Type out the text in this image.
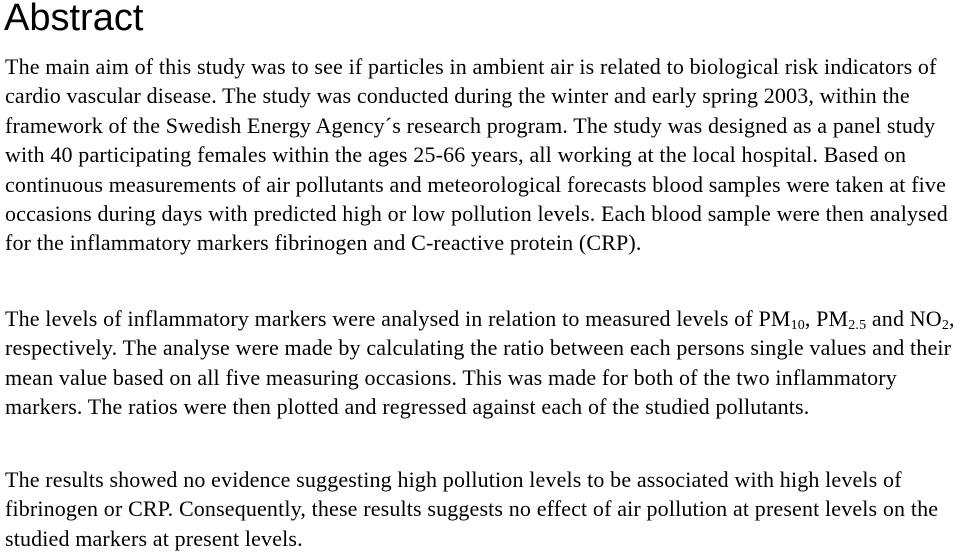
Abstract

The main aim of this study was to see if particles in ambient air is related to biological risk indicators of cardio vascular disease. The study was conducted during the winter and early spring 2003, within the framework of the Swedish Energy Agency´s research program. The study was designed as a panel study with 40 participating females within the ages 25-66 years, all working at the local hospital. Based on continuous measurements of air pollutants and meteorological forecasts blood samples were taken at five occasions during days with predicted high or low pollution levels. Each blood sample were then analysed for the inflammatory markers fibrinogen and C-reactive protein (CRP).

The levels of inflammatory markers were analysed in relation to measured levels of $PM_{10}$, $PM_{2.5}$ and $NO_2$, respectively. The analyse were made by calculating the ratio between each persons single values and their mean value based on all five measuring occasions. This was made for both of the two inflammatory markers. The ratios were then plotted and regressed against each of the studied pollutants.

The results showed no evidence suggesting high pollution levels to be associated with high levels of fibrinogen or CRP. Consequently, these results suggests no effect of air pollution at present levels on the studied markers at present levels.
